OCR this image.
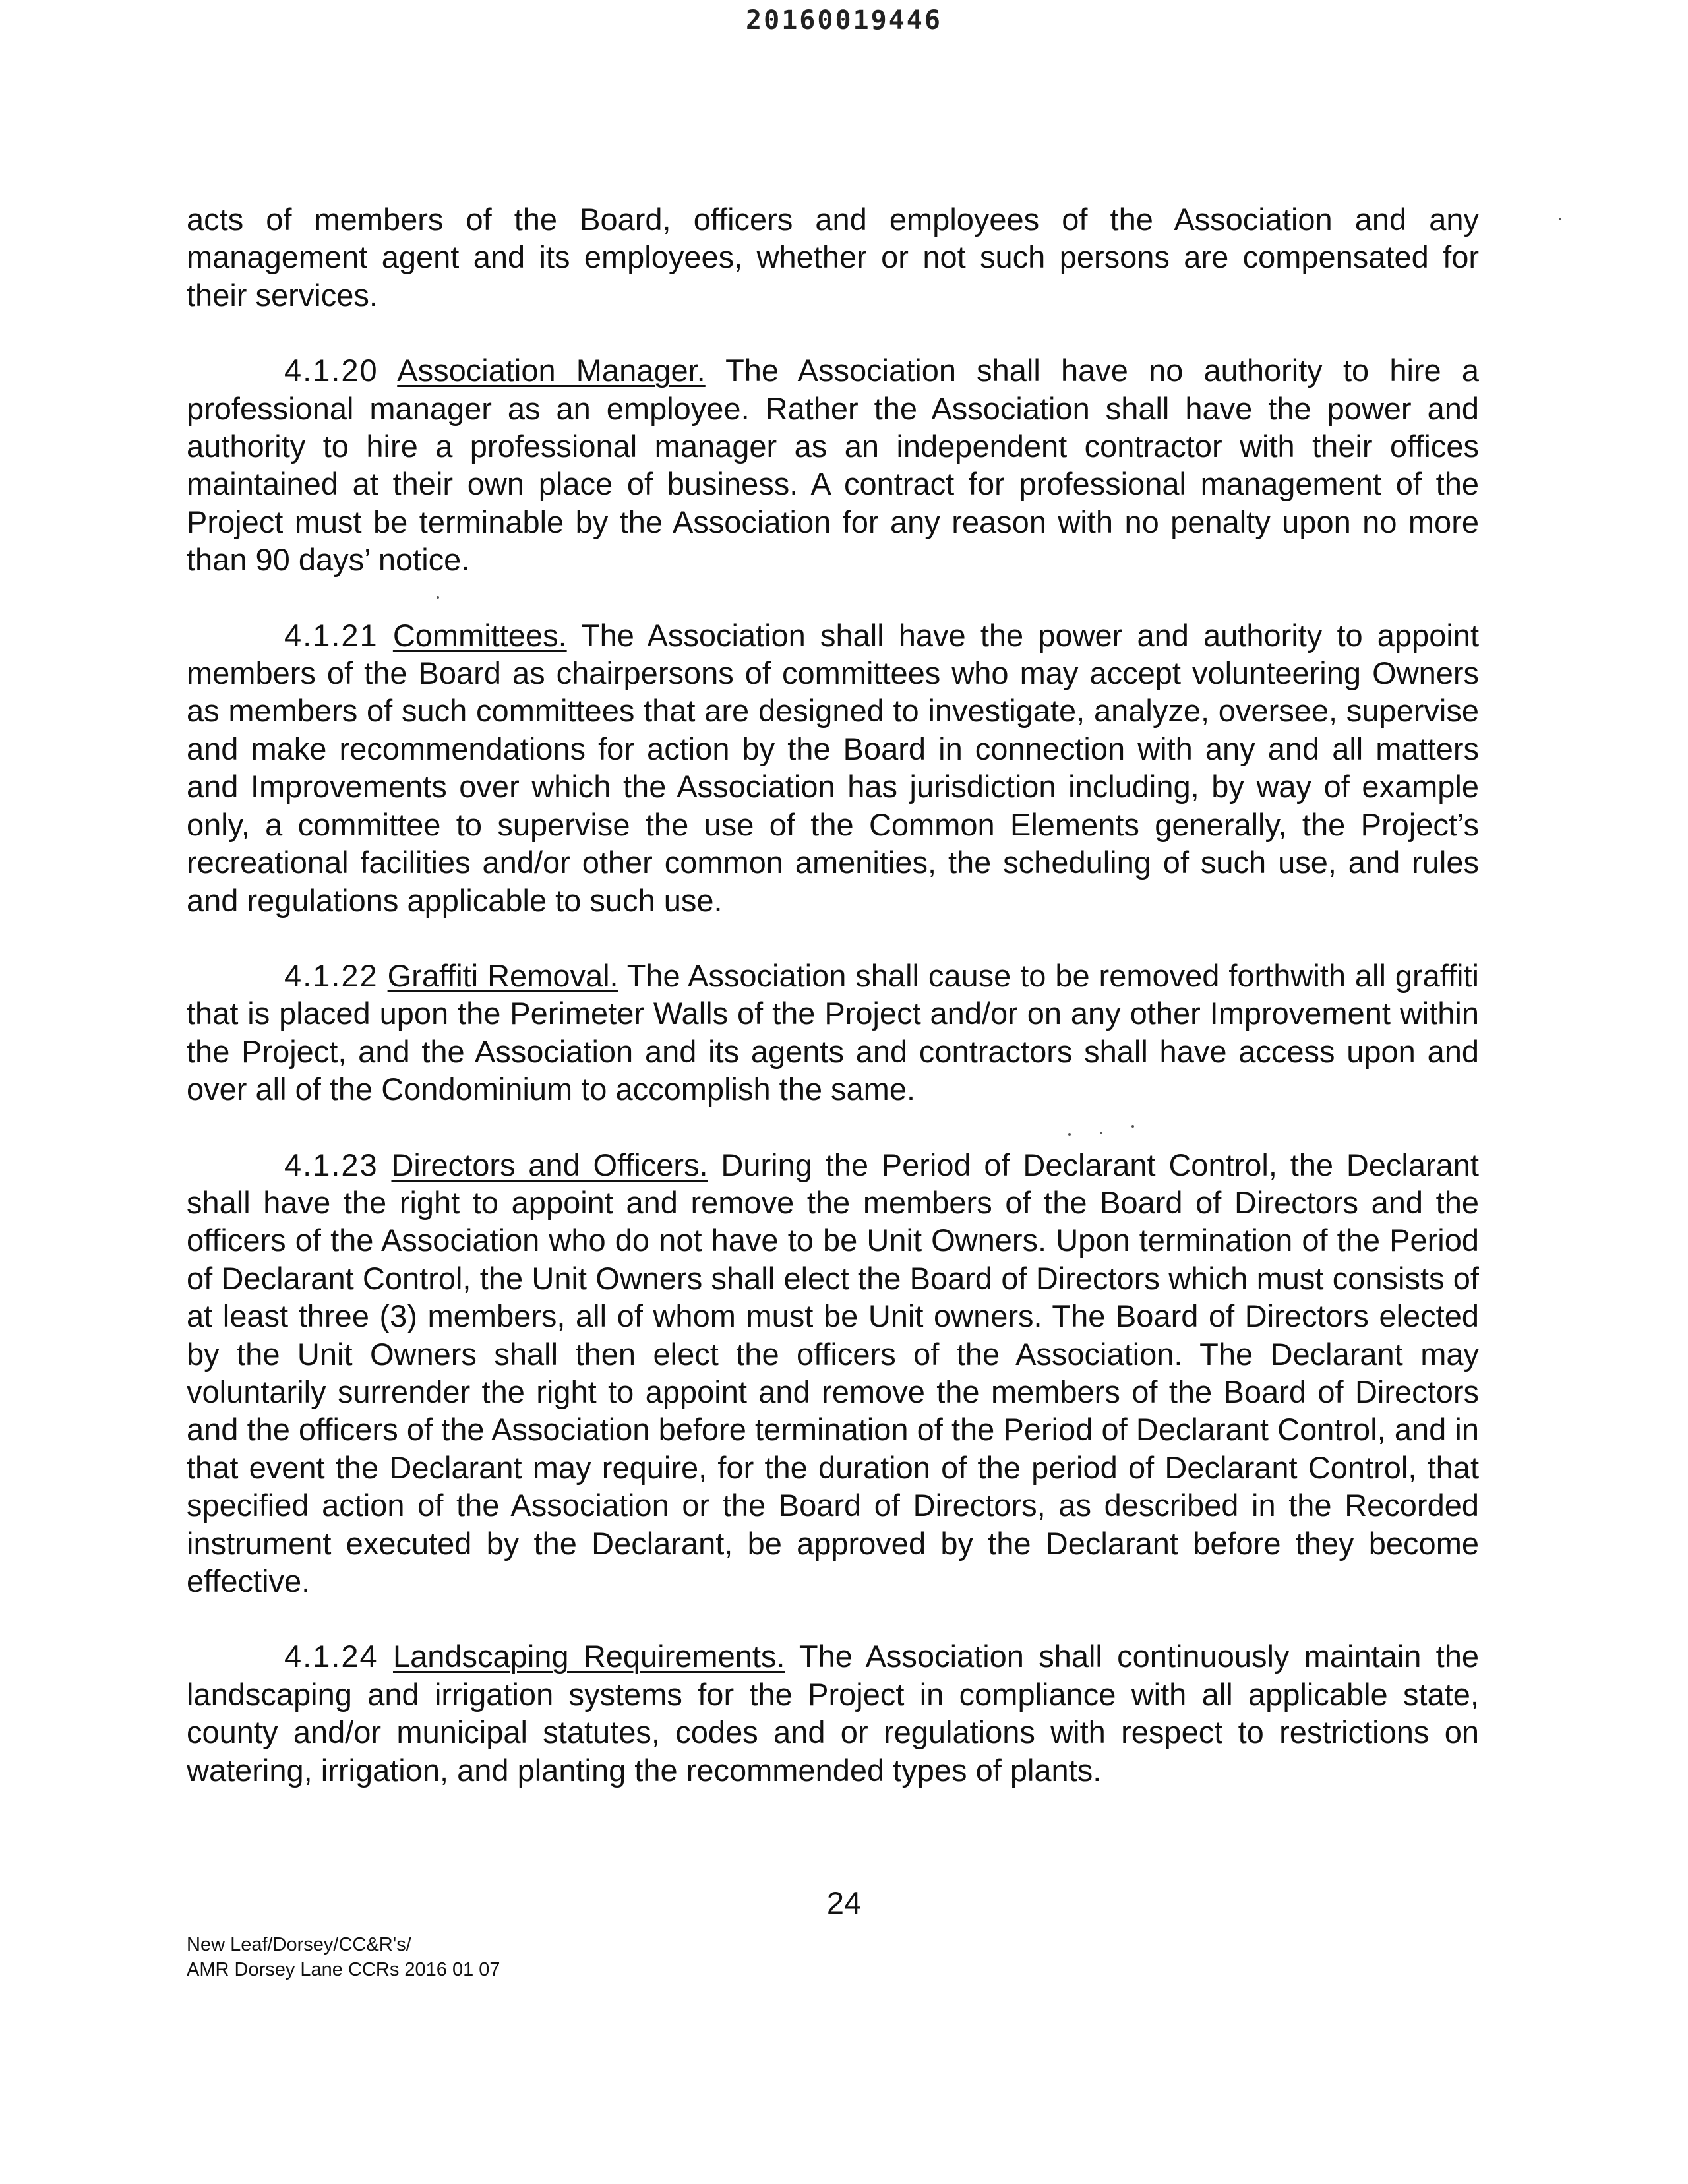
20160019446

acts of members of the Board, officers and employees of the Association and any management agent and its employees, whether or not such persons are compensated for their services.

4.1.20 Association Manager. The Association shall have no authority to hire a professional manager as an employee. Rather the Association shall have the power and authority to hire a professional manager as an independent contractor with their offices maintained at their own place of business. A contract for professional management of the Project must be terminable by the Association for any reason with no penalty upon no more than 90 days’ notice.

4.1.21 Committees. The Association shall have the power and authority to appoint members of the Board as chairpersons of committees who may accept volunteering Owners as members of such committees that are designed to investigate, analyze, oversee, supervise and make recommendations for action by the Board in connection with any and all matters and Improvements over which the Association has jurisdiction including, by way of example only, a committee to supervise the use of the Common Elements generally, the Project’s recreational facilities and/or other common amenities, the scheduling of such use, and rules and regulations applicable to such use.

4.1.22 Graffiti Removal. The Association shall cause to be removed forthwith all graffiti that is placed upon the Perimeter Walls of the Project and/or on any other Improvement within the Project, and the Association and its agents and contractors shall have access upon and over all of the Condominium to accomplish the same.

4.1.23 Directors and Officers. During the Period of Declarant Control, the Declarant shall have the right to appoint and remove the members of the Board of Directors and the officers of the Association who do not have to be Unit Owners. Upon termination of the Period of Declarant Control, the Unit Owners shall elect the Board of Directors which must consists of at least three (3) members, all of whom must be Unit owners. The Board of Directors elected by the Unit Owners shall then elect the officers of the Association. The Declarant may voluntarily surrender the right to appoint and remove the members of the Board of Directors and the officers of the Association before termination of the Period of Declarant Control, and in that event the Declarant may require, for the duration of the period of Declarant Control, that specified action of the Association or the Board of Directors, as described in the Recorded instrument executed by the Declarant, be approved by the Declarant before they become effective.

4.1.24 Landscaping Requirements. The Association shall continuously maintain the landscaping and irrigation systems for the Project in compliance with all applicable state, county and/or municipal statutes, codes and or regulations with respect to restrictions on watering, irrigation, and planting the recommended types of plants.

24
New Leaf/Dorsey/CC&R's/
AMR Dorsey Lane CCRs 2016 01 07
